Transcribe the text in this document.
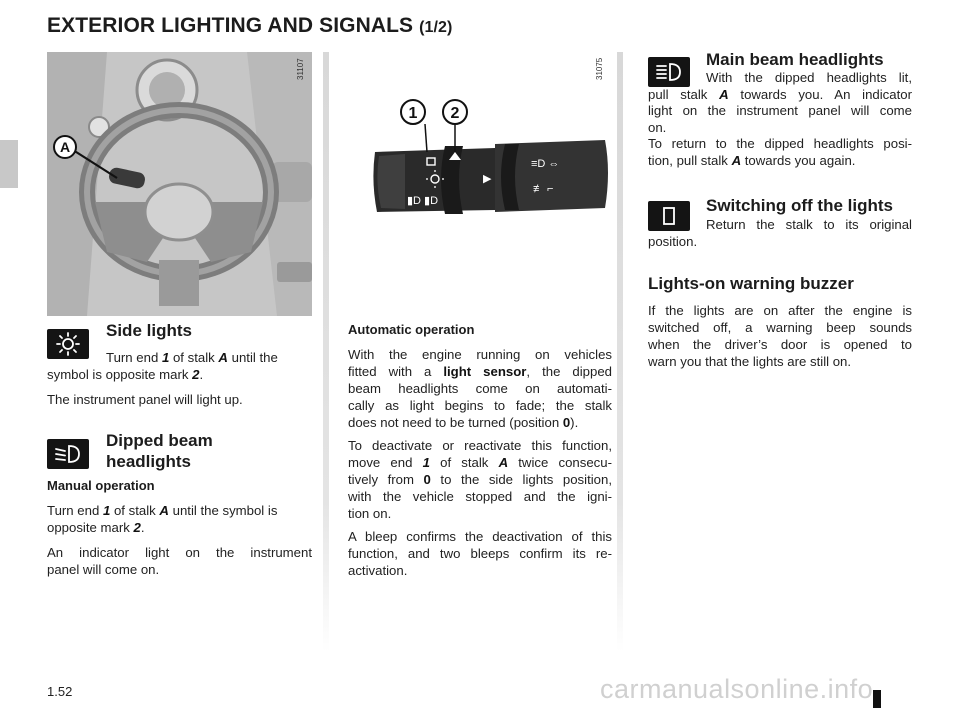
EXTERIOR LIGHTING AND SIGNALS (1/2)
A
31107
▮D ▮D
▶
≡D ⇔
≢ ⌐
1 2
31075
Side lights
Turn end 1 of stalk A until the
symbol is opposite mark 2.
The instrument panel will light up.
Dipped beam
headlights
Manual operation
Turn end 1 of stalk A until the symbol is
opposite mark 2.
An indicator light on the instrument
panel will come on.
Automatic operation
With the engine running on vehicles
fitted with a light sensor, the dipped
beam headlights come on automati-
cally as light begins to fade; the stalk
does not need to be turned (position 0).
To deactivate or reactivate this function,
move end 1 of stalk A twice consecu-
tively from 0 to the side lights position,
with the vehicle stopped and the igni-
tion on.
A bleep confirms the deactivation of this
function, and two bleeps confirm its re-
activation.
Main beam headlights
With the dipped headlights lit,
pull stalk A towards you. An indicator
light on the instrument panel will come
on.
To return to the dipped headlights posi-
tion, pull stalk A towards you again.
Switching off the lights
Return the stalk to its original
position.
Lights-on warning buzzer
If the lights are on after the engine is
switched off, a warning beep sounds
when the driver’s door is opened to
warn you that the lights are still on.
1.52	carmanualsonline.info
